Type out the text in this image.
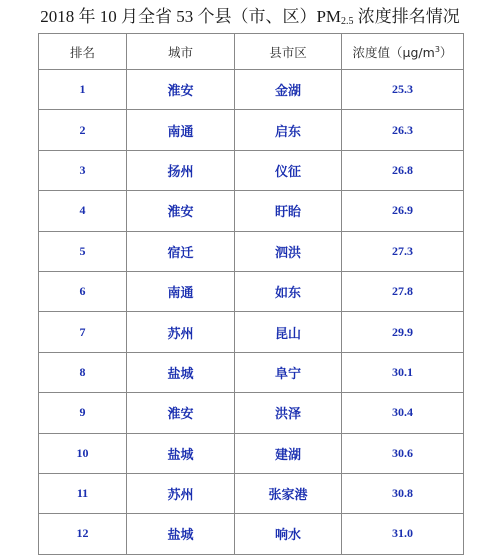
2018 年 10 月全省 53 个县（市、区）$PM_{2.5}$ 浓度排名情况
排名	城市	县市区	浓度值$(\mu g/m^3)$
1	淮安	金湖	25.3
2	南通	启东	26.3
3	扬州	仪征	26.8
4	淮安	盱眙	26.9
5	宿迁	泗洪	27.3
6	南通	如东	27.8
7	苏州	昆山	29.9
8	盐城	阜宁	30.1
9	淮安	洪泽	30.4
10	盐城	建湖	30.6
11	苏州	张家港	30.8
12	盐城	响水	31.0
